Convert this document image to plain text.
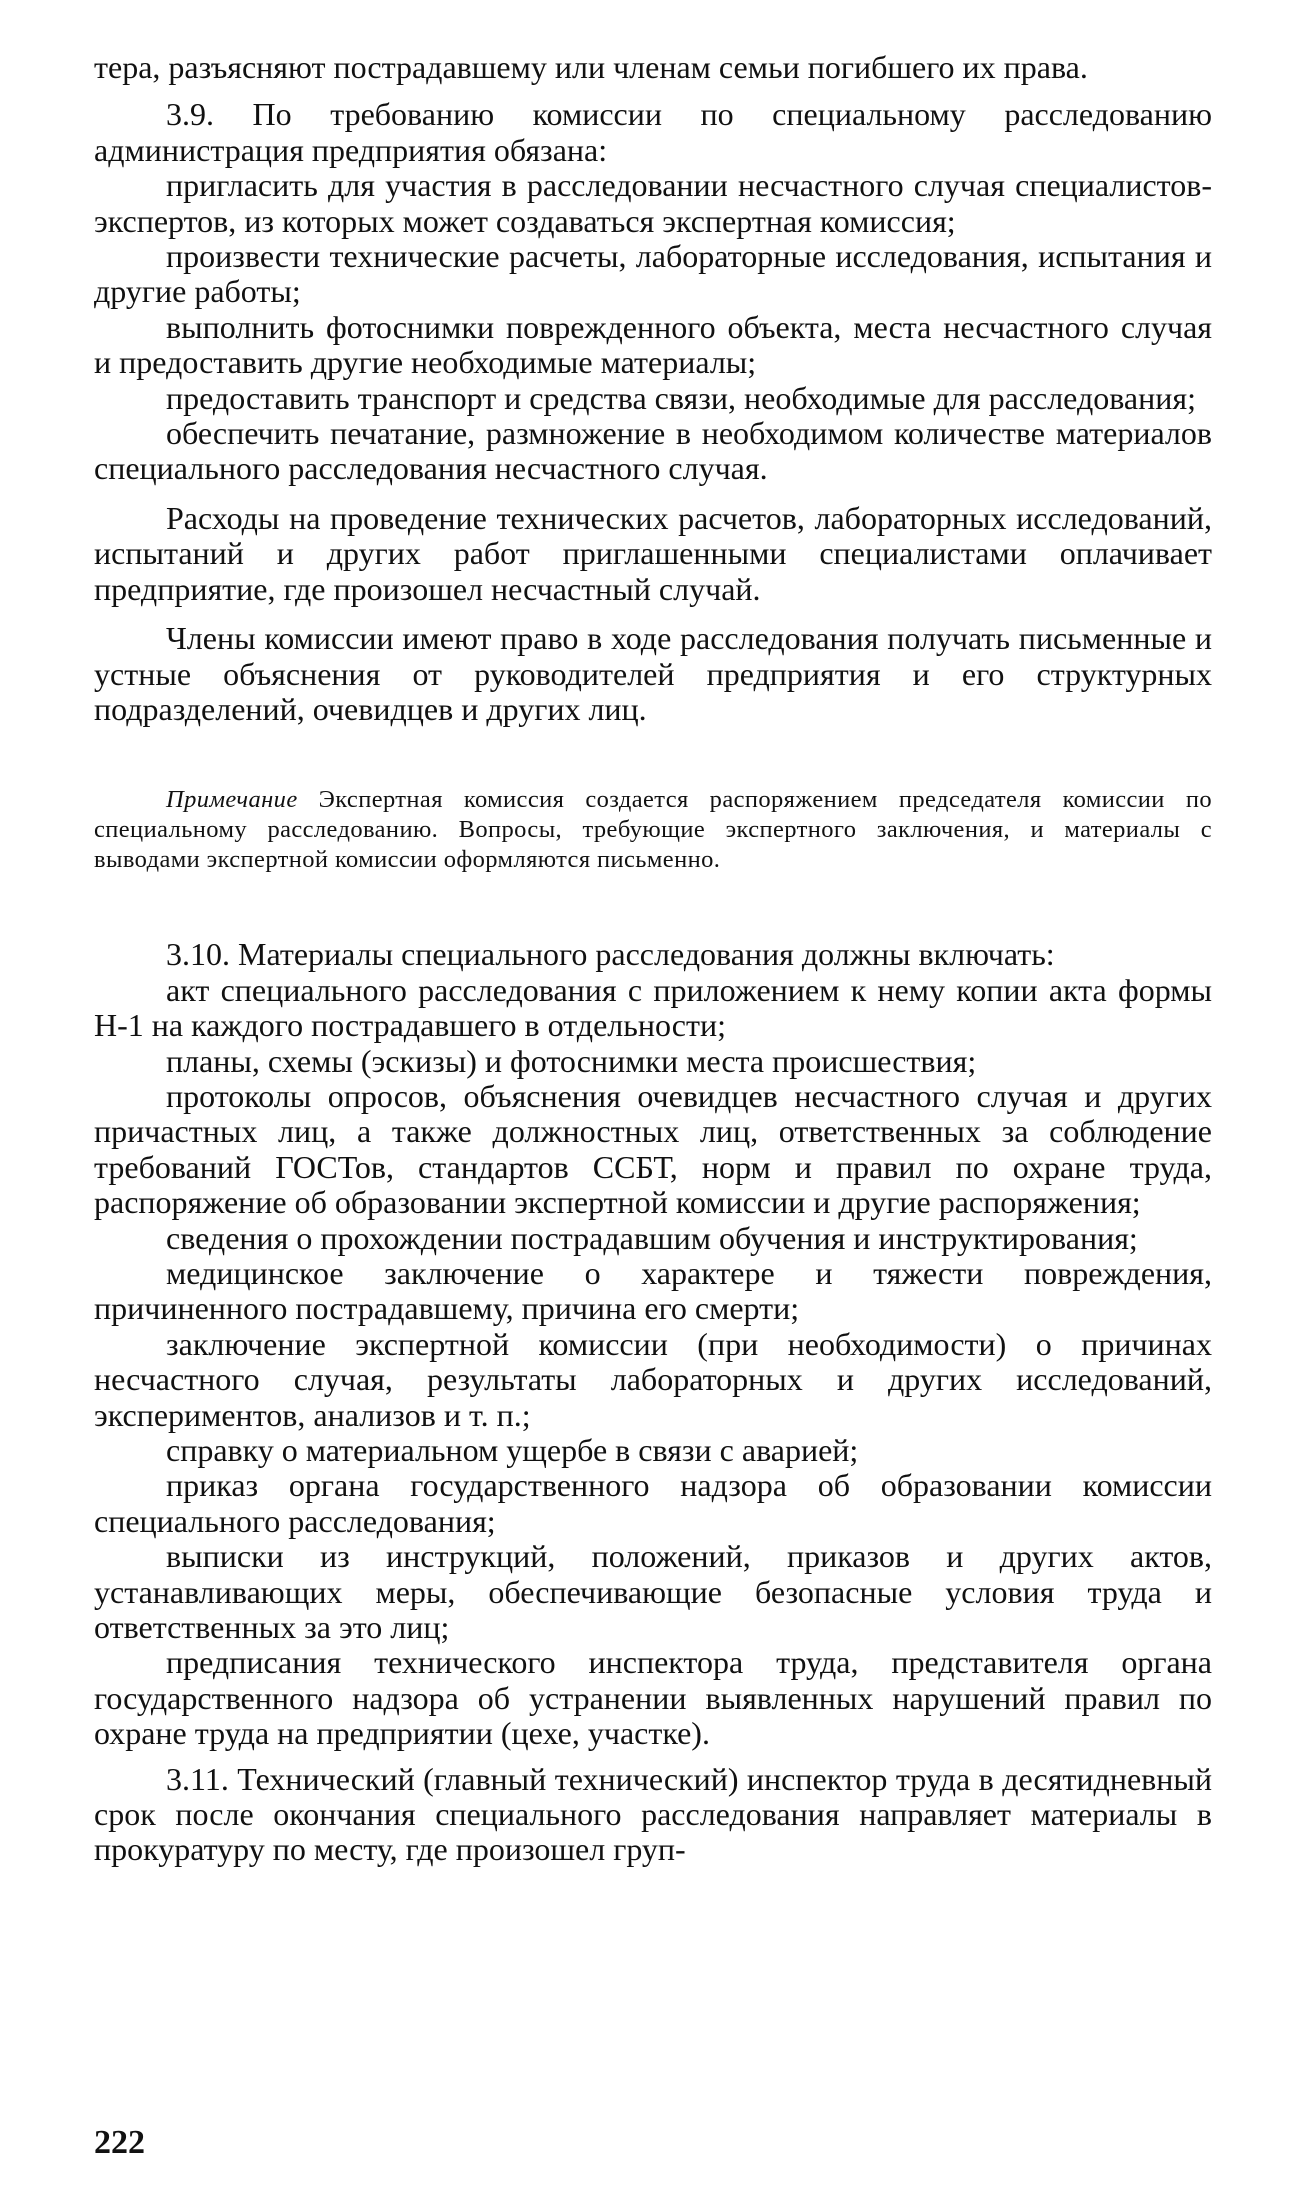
тера, разъясняют пострадавшему или членам семьи погибшего их права.

3.9. По требованию комиссии по специальному расследованию администрация предприятия обязана:

пригласить для участия в расследовании несчастного случая специалистов-экспертов, из которых может создаваться экспертная комиссия;

произвести технические расчеты, лабораторные исследования, испытания и другие работы;

выполнить фотоснимки поврежденного объекта, места несчастного случая и предоставить другие необходимые материалы;

предоставить транспорт и средства связи, необходимые для расследования;

обеспечить печатание, размножение в необходимом количестве материалов специального расследования несчастного случая.

Расходы на проведение технических расчетов, лабораторных исследований, испытаний и других работ приглашенными специалистами оплачивает предприятие, где произошел несчастный случай.

Члены комиссии имеют право в ходе расследования получать письменные и устные объяснения от руководителей предприятия и его структурных подразделений, очевидцев и других лиц.

Примечание Экспертная комиссия создается распоряжением председателя комиссии по специальному расследованию. Вопросы, требующие экспертного заключения, и материалы с выводами экспертной комиссии оформляются письменно.

3.10. Материалы специального расследования должны включать:

акт специального расследования с приложением к нему копии акта формы Н-1 на каждого пострадавшего в отдельности;

планы, схемы (эскизы) и фотоснимки места происшествия;

протоколы опросов, объяснения очевидцев несчастного случая и других причастных лиц, а также должностных лиц, ответственных за соблюдение требований ГОСТов, стандартов ССБТ, норм и правил по охране труда, распоряжение об образовании экспертной комиссии и другие распоряжения;

сведения о прохождении пострадавшим обучения и инструктирования;

медицинское заключение о характере и тяжести повреждения, причиненного пострадавшему, причина его смерти;

заключение экспертной комиссии (при необходимости) о причинах несчастного случая, результаты лабораторных и других исследований, экспериментов, анализов и т. п.;

справку о материальном ущербе в связи с аварией;

приказ органа государственного надзора об образовании комиссии специального расследования;

выписки из инструкций, положений, приказов и других актов, устанавливающих меры, обеспечивающие безопасные условия труда и ответственных за это лиц;

предписания технического инспектора труда, представителя органа государственного надзора об устранении выявленных нарушений правил по охране труда на предприятии (цехе, участке).

3.11. Технический (главный технический) инспектор труда в десятидневный срок после окончания специального расследования направляет материалы в прокуратуру по месту, где произошел груп-

222
